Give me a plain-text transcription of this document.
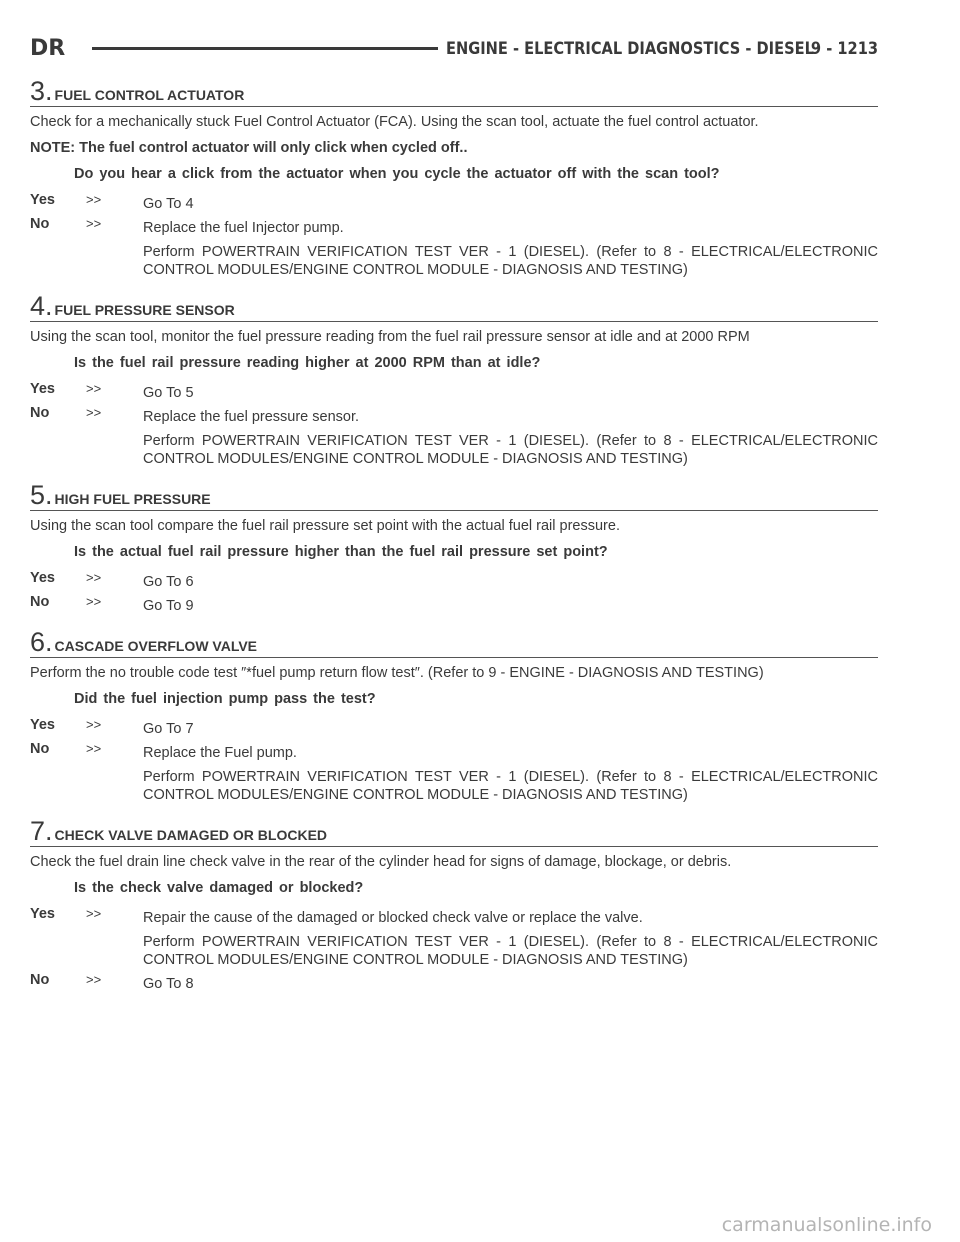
DR	ENGINE - ELECTRICAL DIAGNOSTICS - DIESEL
9 - 1213
3. FUEL CONTROL ACTUATOR

Check for a mechanically stuck Fuel Control Actuator (FCA). Using the scan tool, actuate the fuel control actuator.

NOTE: The fuel control actuator will only click when cycled off..

Do you hear a click from the actuator when you cycle the actuator off with the scan tool?

Yes >>	Go To 4
No	>>	Replace the fuel Injector pump.
Perform POWERTRAIN VERIFICATION TEST VER - 1 (DIESEL). (Refer to 8 - ELECTRICAL/ELECTRONIC CONTROL MODULES/ENGINE CONTROL MODULE - DIAGNOSIS AND TESTING)
4. FUEL PRESSURE SENSOR

Using the scan tool, monitor the fuel pressure reading from the fuel rail pressure sensor at idle and at 2000 RPM

Is the fuel rail pressure reading higher at 2000 RPM than at idle?

Yes >>	Go To 5
No	>>	Replace the fuel pressure sensor.
Perform POWERTRAIN VERIFICATION TEST VER - 1 (DIESEL). (Refer to 8 - ELECTRICAL/ELECTRONIC CONTROL MODULES/ENGINE CONTROL MODULE - DIAGNOSIS AND TESTING)
5. HIGH FUEL PRESSURE

Using the scan tool compare the fuel rail pressure set point with the actual fuel rail pressure.

Is the actual fuel rail pressure higher than the fuel rail pressure set point?

Yes >>	Go To 6
No	>>	Go To 9
6. CASCADE OVERFLOW VALVE

Perform the no trouble code test ″*fuel pump return flow test″. (Refer to 9 - ENGINE - DIAGNOSIS AND TESTING)

Did the fuel injection pump pass the test?

Yes >>	Go To 7
No	>>	Replace the Fuel pump.
Perform POWERTRAIN VERIFICATION TEST VER - 1 (DIESEL). (Refer to 8 - ELECTRICAL/ELECTRONIC CONTROL MODULES/ENGINE CONTROL MODULE - DIAGNOSIS AND TESTING)
7. CHECK VALVE DAMAGED OR BLOCKED

Check the fuel drain line check valve in the rear of the cylinder head for signs of damage, blockage, or debris.

Is the check valve damaged or blocked?

Yes >>	Repair the cause of the damaged or blocked check valve or replace the valve.
Perform POWERTRAIN VERIFICATION TEST VER - 1 (DIESEL). (Refer to 8 - ELECTRICAL/ELECTRONIC CONTROL MODULES/ENGINE CONTROL MODULE - DIAGNOSIS AND TESTING)
No	>>	Go To 8
carmanualsonline.info
